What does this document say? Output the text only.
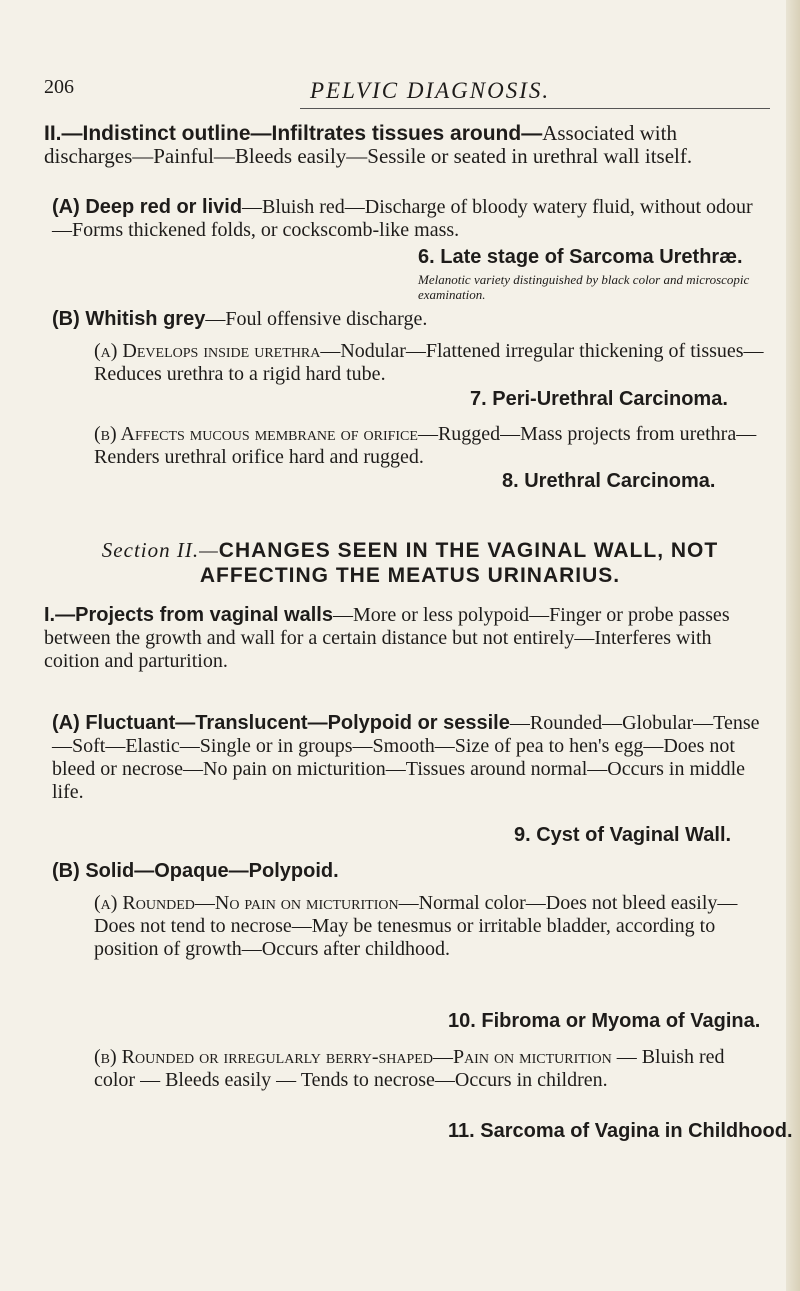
206	PELVIC DIAGNOSIS.

II.—Indistinct outline—Infiltrates tissues around—Associated with discharges—Painful—Bleeds easily—Sessile or seated in urethral wall itself.

(A) Deep red or livid—Bluish red—Discharge of bloody watery fluid, without odour—Forms thickened folds, or cockscomb-like mass.

6. Late stage of Sarcoma Urethræ.
Melanotic variety distinguished by black color and microscopic examination.

(B) Whitish grey—Foul offensive discharge.

(a) Develops inside urethra—Nodular—Flattened irregular thickening of tissues—Reduces urethra to a rigid hard tube.

7. Peri-Urethral Carcinoma.

(b) Affects mucous membrane of orifice—Rugged—Mass projects from urethra—Renders urethral orifice hard and rugged.

8. Urethral Carcinoma.
Section II.—CHANGES SEEN IN THE VAGINAL WALL, NOT
AFFECTING THE MEATUS URINARIUS.

I.—Projects from vaginal walls—More or less polypoid—Finger or probe passes between the growth and wall for a certain distance but not entirely—Interferes with coition and parturition.

(A) Fluctuant—Translucent—Polypoid or sessile—Rounded—Globular—Tense—Soft—Elastic—Single or in groups—Smooth—Size of pea to hen's egg—Does not bleed or necrose—No pain on micturition—Tissues around normal—Occurs in middle life.

9. Cyst of Vaginal Wall.

(B) Solid—Opaque—Polypoid.

(a) Rounded—No pain on micturition—Normal color—Does not bleed easily—Does not tend to necrose—May be tenesmus or irritable bladder, according to position of growth—Occurs after childhood.

10. Fibroma or Myoma of Vagina.

(b) Rounded or irregularly berry-shaped—Pain on micturition — Bluish red color — Bleeds easily — Tends to necrose—Occurs in children.

11. Sarcoma of Vagina in Childhood.
